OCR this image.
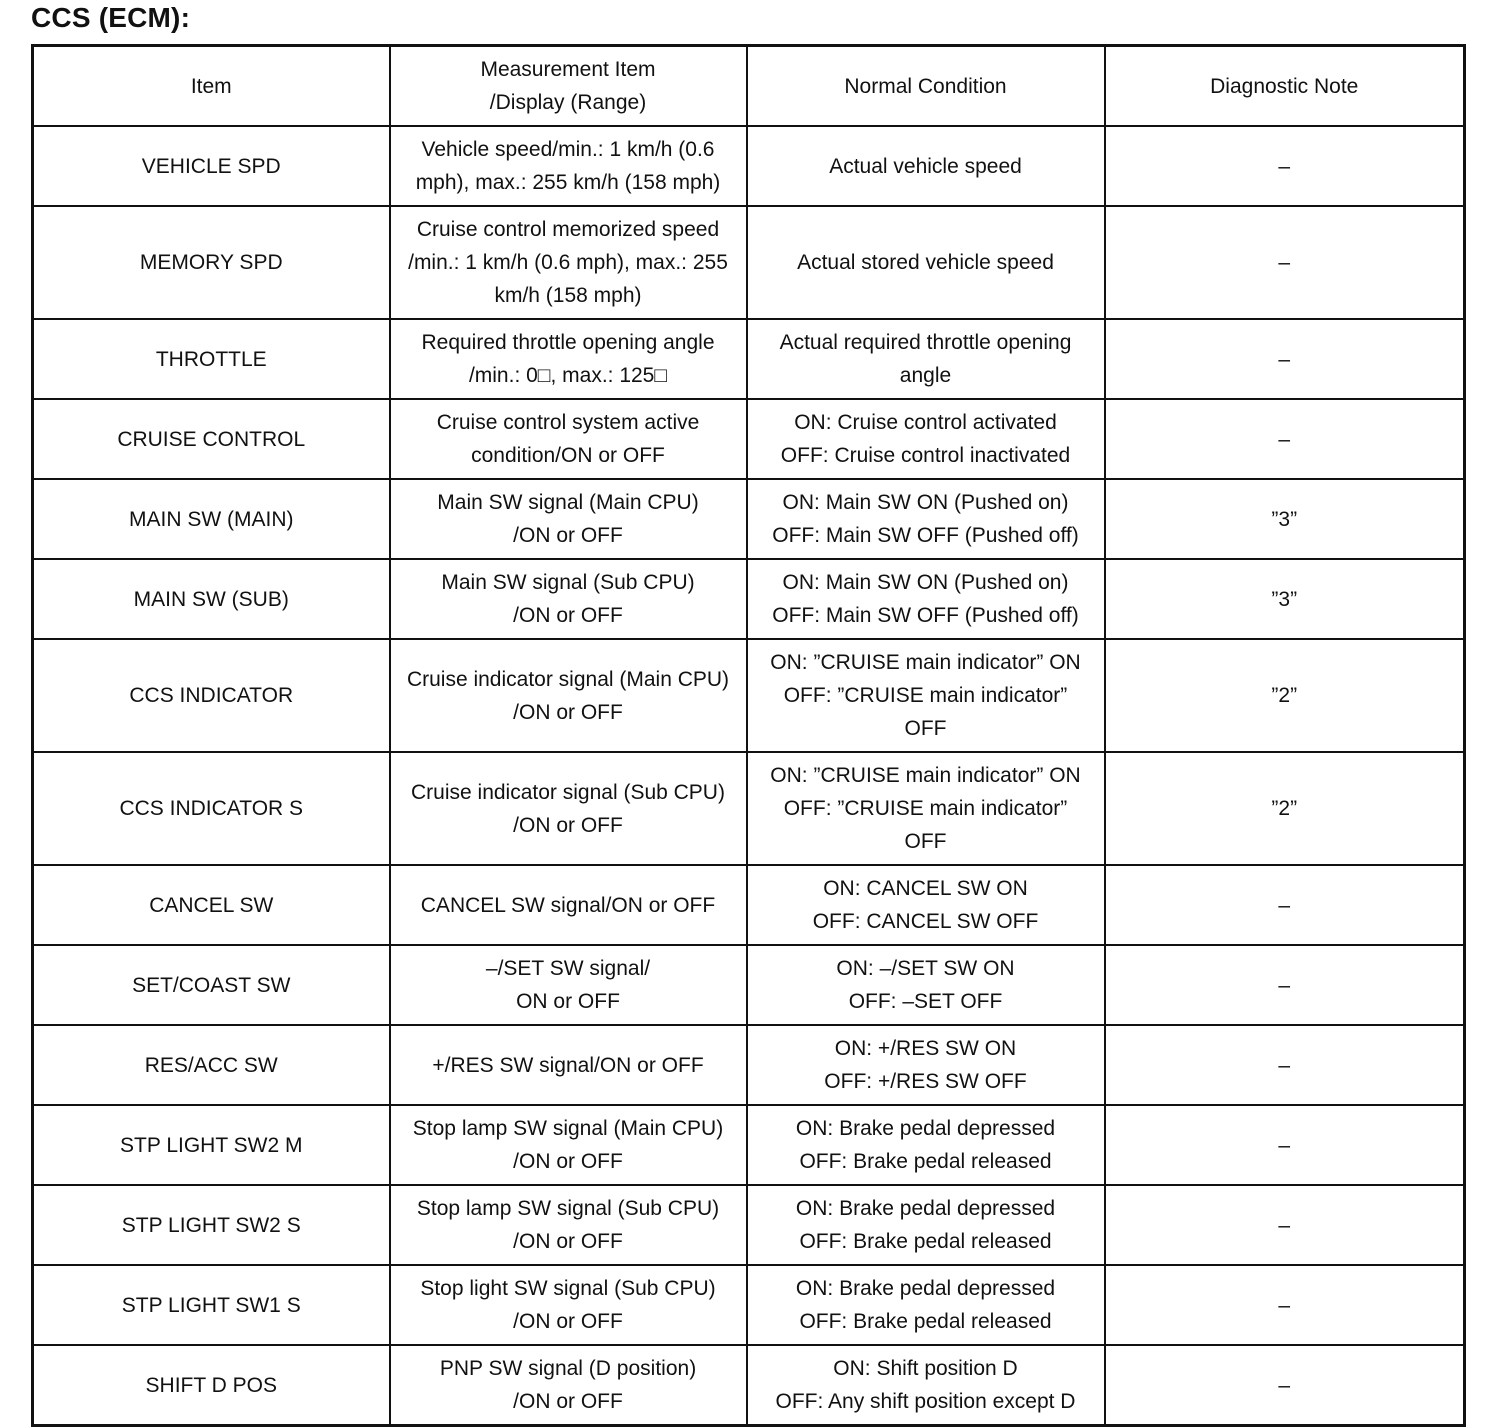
CCS (ECM):
Item	Measurement Item
/Display (Range)	Normal Condition	Diagnostic Note
VEHICLE SPD	Vehicle speed/min.: 1 km/h (0.6
mph), max.: 255 km/h (158 mph)	Actual vehicle speed	–
MEMORY SPD	Cruise control memorized speed
/min.: 1 km/h (0.6 mph), max.: 255
km/h (158 mph)	Actual stored vehicle speed	–
THROTTLE	Required throttle opening angle
/min.: 0□, max.: 125□	Actual required throttle opening
angle	–
CRUISE CONTROL	Cruise control system active
condition/ON or OFF	ON: Cruise control activated
OFF: Cruise control inactivated	–
MAIN SW (MAIN)	Main SW signal (Main CPU)
/ON or OFF	ON: Main SW ON (Pushed on)
OFF: Main SW OFF (Pushed off)	”3”
MAIN SW (SUB)	Main SW signal (Sub CPU)
/ON or OFF	ON: Main SW ON (Pushed on)
OFF: Main SW OFF (Pushed off)	”3”
CCS INDICATOR	Cruise indicator signal (Main CPU)
/ON or OFF	ON: ”CRUISE main indicator” ON
OFF: ”CRUISE main indicator”
OFF	”2”
CCS INDICATOR S	Cruise indicator signal (Sub CPU)
/ON or OFF	ON: ”CRUISE main indicator” ON
OFF: ”CRUISE main indicator”
OFF	”2”
CANCEL SW	CANCEL SW signal/ON or OFF	ON: CANCEL SW ON
OFF: CANCEL SW OFF	–
SET/COAST SW	–/SET SW signal/
ON or OFF	ON: –/SET SW ON
OFF: –SET OFF	–
RES/ACC SW	+/RES SW signal/ON or OFF	ON: +/RES SW ON
OFF: +/RES SW OFF	–
STP LIGHT SW2 M	Stop lamp SW signal (Main CPU)
/ON or OFF	ON: Brake pedal depressed
OFF: Brake pedal released	–
STP LIGHT SW2 S	Stop lamp SW signal (Sub CPU)
/ON or OFF	ON: Brake pedal depressed
OFF: Brake pedal released	–
STP LIGHT SW1 S	Stop light SW signal (Sub CPU)
/ON or OFF	ON: Brake pedal depressed
OFF: Brake pedal released	–
SHIFT D POS	PNP SW signal (D position)
/ON or OFF	ON: Shift position D
OFF: Any shift position except D	–
